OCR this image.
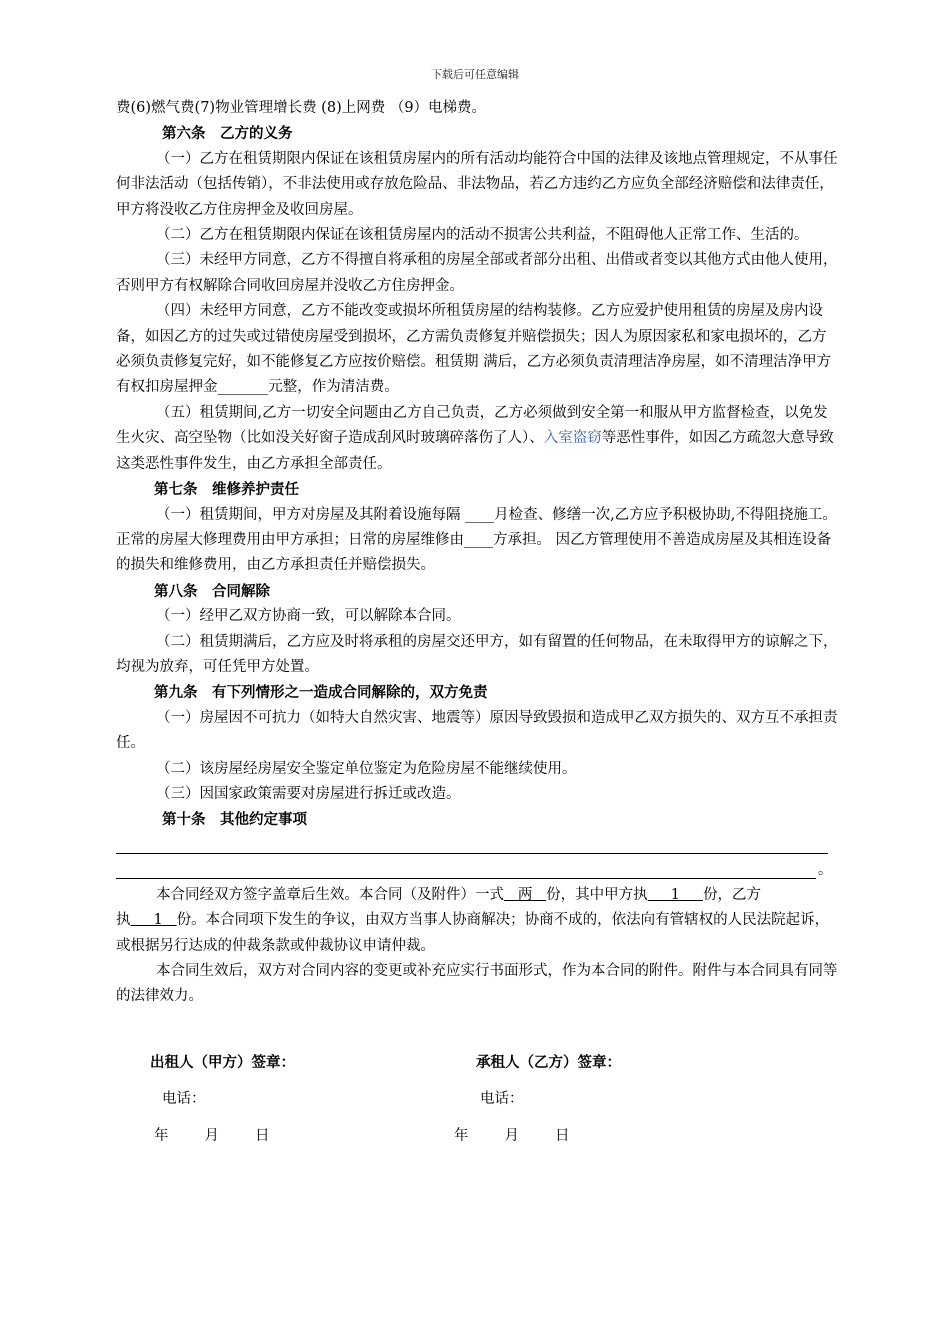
下载后可任意编辑

费(6)燃气费(7)物业管理增长费 (8)上网费 （9）电梯费。

第六条　乙方的义务

（一）乙方在租赁期限内保证在该租赁房屋内的所有活动均能符合中国的法律及该地点管理规定，不从事任何非法活动（包括传销），不非法使用或存放危险品、非法物品，若乙方违约乙方应负全部经济赔偿和法律责任，甲方将没收乙方住房押金及收回房屋。

（二）乙方在租赁期限内保证在该租赁房屋内的活动不损害公共利益，不阻碍他人正常工作、生活的。

（三）未经甲方同意，乙方不得擅自将承租的房屋全部或者部分出租、出借或者变以其他方式由他人使用，否则甲方有权解除合同收回房屋并没收乙方住房押金。

（四）未经甲方同意，乙方不能改变或损坏所租赁房屋的结构装修。乙方应爱护使用租赁的房屋及房内设备，如因乙方的过失或过错使房屋受到损坏，乙方需负责修复并赔偿损失；因人为原因家私和家电损坏的，乙方必须负责修复完好，如不能修复乙方应按价赔偿。租赁期 满后，乙方必须负责清理洁净房屋，如不清理洁净甲方有权扣房屋押金_______元整，作为清洁费。

（五）租赁期间,乙方一切安全问题由乙方自己负责，乙方必须做到安全第一和服从甲方监督检查，以免发生火灾、高空坠物（比如没关好窗子造成刮风时玻璃碎落伤了人）、入室盗窃等恶性事件，如因乙方疏忽大意导致这类恶性事件发生，由乙方承担全部责任。

第七条　维修养护责任

（一）租赁期间，甲方对房屋及其附着设施每隔 ____月检查、修缮一次,乙方应予积极协助,不得阻挠施工。 正常的房屋大修理费用由甲方承担；日常的房屋维修由____方承担。 因乙方管理使用不善造成房屋及其相连设备的损失和维修费用，由乙方承担责任并赔偿损失。

第八条　合同解除

（一）经甲乙双方协商一致，可以解除本合同。

（二）租赁期满后，乙方应及时将承租的房屋交还甲方，如有留置的任何物品，在未取得甲方的谅解之下，均视为放弃，可任凭甲方处置。

第九条　有下列情形之一造成合同解除的，双方免责

（一）房屋因不可抗力（如特大自然灾害、地震等）原因导致毁损和造成甲乙双方损失的、双方互不承担责任。

（二）该房屋经房屋安全鉴定单位鉴定为危险房屋不能继续使用。

（三）因国家政策需要对房屋进行拆迁或改造。

第十条　其他约定事项

。

本合同经双方签字盖章后生效。本合同（及附件）一式 两 份，其中甲方执 1 份，乙方执 1 份。本合同项下发生的争议，由双方当事人协商解决；协商不成的，依法向有管辖权的人民法院起诉，或根据另行达成的仲裁条款或仲裁协议申请仲裁。

本合同生效后，双方对合同内容的变更或补充应实行书面形式，作为本合同的附件。附件与本合同具有同等的法律效力。

出租人（甲方）签章：	承租人（乙方）签章：
电话：	电话：
年 月 日	年 月 日
